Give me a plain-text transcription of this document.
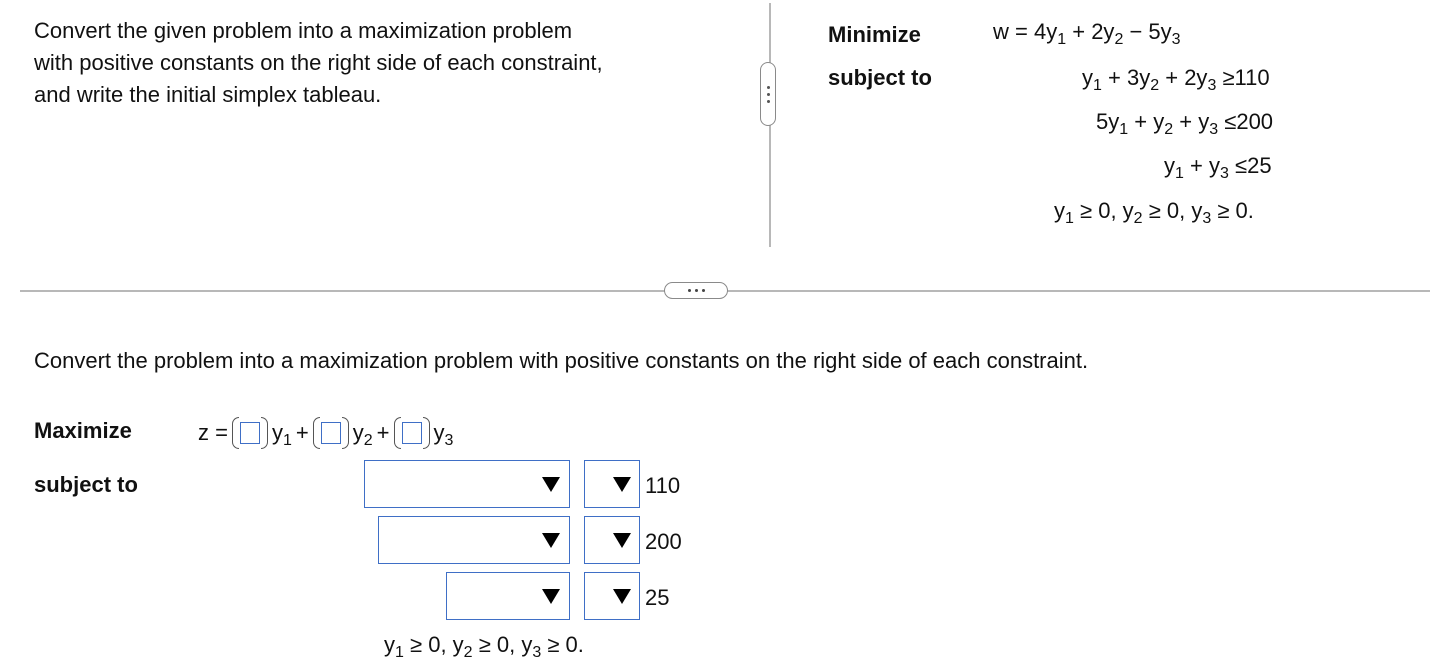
Convert the given problem into a maximization problem
with positive constants on the right side of each constraint,
and write the initial simplex tableau.
Minimize
subject to
$w = 4y_1 + 2y_2 - 5y_3$
$y_1 + 3y_2 + 2y_3 \ge 110$
$5y_1 + y_2 + y_3 \le 200$
$y_1 + y_3 \le 25$
$y_1 \ge 0$, $y_2 \ge 0$, $y_3 \ge 0$.
Convert the problem into a maximization problem with positive constants on the right side of each constraint.
Maximize
subject to
$z = y_1 + y_2 + y_3$
110
200
25
$y_1 \ge 0$, $y_2 \ge 0$, $y_3 \ge 0$.
